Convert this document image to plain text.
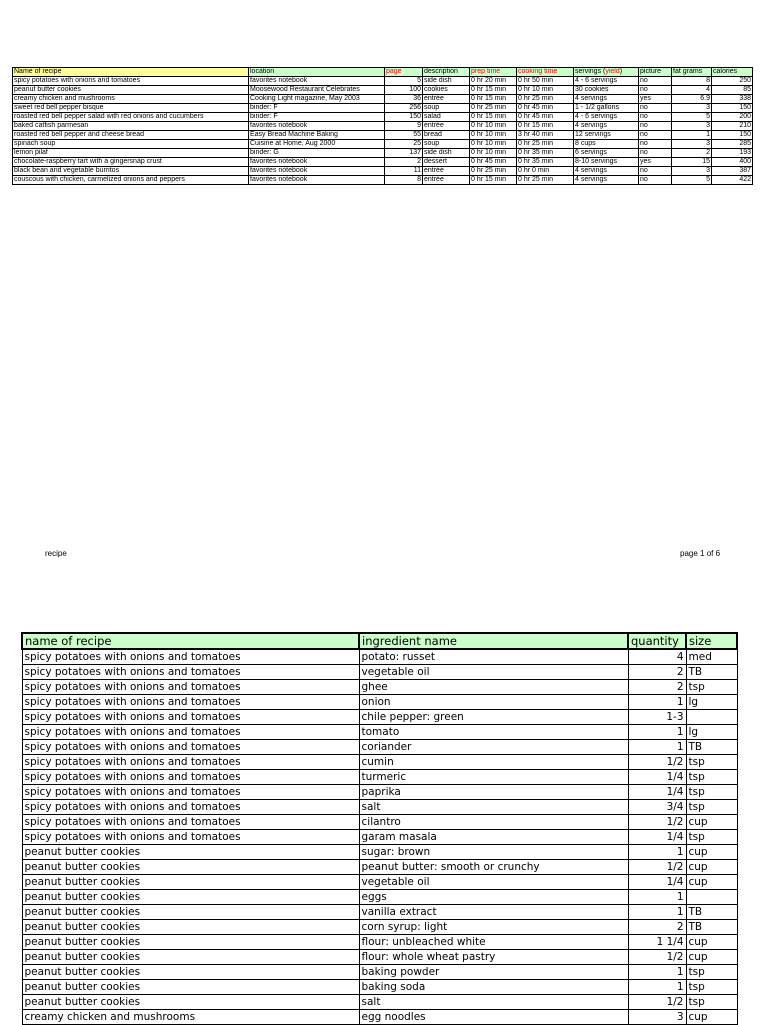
Name of recipe	location	page	description	prep time	cooking time	servings (yield)	picture	fat grams	calories
spicy potatoes with onions and tomatoes	favorites notebook	5	side dish	0 hr 20 min	0 hr 50 min	4 - 6 servings	no	8	250
peanut butter cookies	Moosewood Restaurant Celebrates	100	cookies	0 hr 15 min	0 hr 10 min	30 cookies	no	4	85
creamy chicken and mushrooms	Cooking Light magazine, May 2003	36	entrée	0 hr 15 min	0 hr 25 min	4 servings	yes	6.9	338
sweet red bell pepper bisque	binder: F	256	soup	0 hr 25 min	0 hr 45 min	1 - 1/2 gallons	no	3	150
roasted red bell pepper salad with red onions and cucumbers	binder: F	150	salad	0 hr 15 min	0 hr 45 min	4 - 6 servings	no	5	200
baked catfish parmesan	favorites notebook	9	entrée	0 hr 10 min	0 hr 15 min	4 servings	no	3	210
roasted red bell pepper and cheese bread	Easy Bread Machine Baking	55	bread	0 hr 10 min	3 hr 40 min	12 servings	no	1	150
spinach soup	Cuisine at Home, Aug 2000	25	soup	0 hr 10 min	0 hr 25 min	8 cups	no	3	285
lemon pilaf	binder: G	137	side dish	0 hr 10 min	0 hr 35 min	6 servings	no	2	193
chocolate-raspberry tart with a gingersnap crust	favorites notebook	2	dessert	0 hr 45 min	0 hr 35 min	8-10 servings	yes	15	400
black bean and vegetable burritos	favorites notebook	11	entrée	0 hr 25 min	0 hr 0 min	4 servings	no	3	387
couscous with chicken, carmelized onions and peppers	favorites notebook	8	entrée	0 hr 15 min	0 hr 25 min	4 servings	no	5	422
recipe	page 1 of 6
name of recipe	ingredient name	quantity	size
spicy potatoes with onions and tomatoes	potato: russet	4	med
spicy potatoes with onions and tomatoes	vegetable oil	2	TB
spicy potatoes with onions and tomatoes	ghee	2	tsp
spicy potatoes with onions and tomatoes	onion	1	lg
spicy potatoes with onions and tomatoes	chile pepper: green	1-3	
spicy potatoes with onions and tomatoes	tomato	1	lg
spicy potatoes with onions and tomatoes	coriander	1	TB
spicy potatoes with onions and tomatoes	cumin	1/2	tsp
spicy potatoes with onions and tomatoes	turmeric	1/4	tsp
spicy potatoes with onions and tomatoes	paprika	1/4	tsp
spicy potatoes with onions and tomatoes	salt	3/4	tsp
spicy potatoes with onions and tomatoes	cilantro	1/2	cup
spicy potatoes with onions and tomatoes	garam masala	1/4	tsp
peanut butter cookies	sugar: brown	1	cup
peanut butter cookies	peanut butter: smooth or crunchy	1/2	cup
peanut butter cookies	vegetable oil	1/4	cup
peanut butter cookies	eggs	1	
peanut butter cookies	vanilla extract	1	TB
peanut butter cookies	corn syrup: light	2	TB
peanut butter cookies	flour: unbleached white	1 1/4	cup
peanut butter cookies	flour: whole wheat pastry	1/2	cup
peanut butter cookies	baking powder	1	tsp
peanut butter cookies	baking soda	1	tsp
peanut butter cookies	salt	1/2	tsp
creamy chicken and mushrooms	egg noodles	3	cup
